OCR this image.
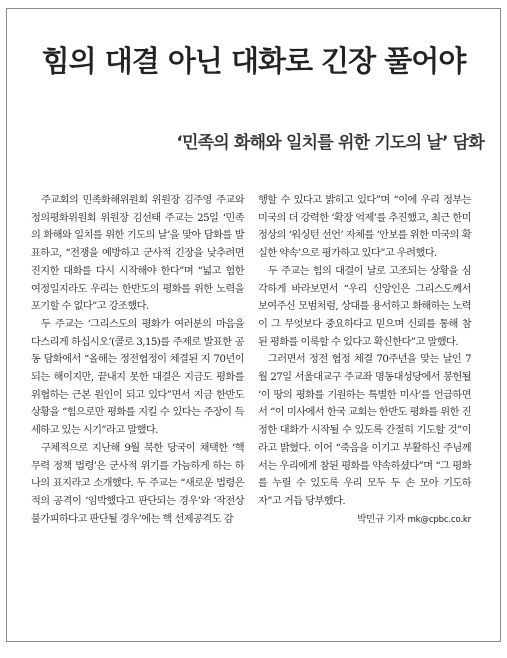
힘의 대결 아닌 대화로 긴장 풀어야
‘민족의 화해와 일치를 위한 기도의 날’ 담화

주교회의 민족화해위원회 위원장 김주영 주교와 정의평화위원회 위원장 김선태 주교는 25일 ‘민족의 화해와 일치를 위한 기도의 날’을 맞아 담화를 발표하고, “전쟁을 예방하고 군사적 긴장을 낮추려면 진지한 대화를 다시 시작해야 한다”며 “넓고 험한 여정일지라도 우리는 한반도의 평화를 위한 노력을 포기할 수 없다”고 강조했다.

두 주교는 ‘그리스도의 평화가 여러분의 마음을 다스리게 하십시오’(콜로 3,15)를 주제로 발표한 공동 담화에서 “올해는 정전협정이 체결된 지 70년이 되는 해이지만, 끝내지 못한 대결은 지금도 평화를 위협하는 근본 원인이 되고 있다”면서 지금 한반도 상황을 “힘으로만 평화를 지킬 수 있다는 주장이 득세하고 있는 시기”라고 말했다.

구체적으로 지난해 9월 북한 당국이 채택한 ‘핵 무력 정책 법령’은 군사적 위기를 가늠하게 하는 하나의 표지라고 소개했다. 두 주교는 “새로운 법령은 적의 공격이 ‘임박했다고 판단되는 경우’와 ‘작전상 불가피하다고 판단될 경우’에는 핵 선제공격도 감

행할 수 있다고 밝히고 있다”며 “이에 우리 정부는 미국의 더 강력한 ‘확장 억제’를 추진했고, 최근 한미 정상의 ‘워싱턴 선언’ 자체를 ‘안보를 위한 미국의 확실한 약속’으로 평가하고 있다”고 우려했다.

두 주교는 힘의 대결이 날로 고조되는 상황을 심각하게 바라보면서 “우리 신앙인은 그리스도께서 보여주신 모범처럼, 상대를 용서하고 화해하는 노력이 그 무엇보다 중요하다고 믿으며 신뢰를 통해 참된 평화를 이룩할 수 있다고 확신한다”고 말했다.

그러면서 정전 협정 체결 70주년을 맞는 날인 7월 27일 서울대교구 주교좌 명동대성당에서 봉헌될 ‘이 땅의 평화를 기원하는 특별한 미사’를 언급하면서 “이 미사에서 한국 교회는 한반도 평화를 위한 진정한 대화가 시작될 수 있도록 간절히 기도할 것”이라고 밝혔다. 이어 “죽음을 이기고 부활하신 주님께서는 우리에게 참된 평화를 약속하셨다”며 “그 평화를 누릴 수 있도록 우리 모두 두 손 모아 기도하자”고 거듭 당부했다.

박민규 기자 mk@cpbc.co.kr
